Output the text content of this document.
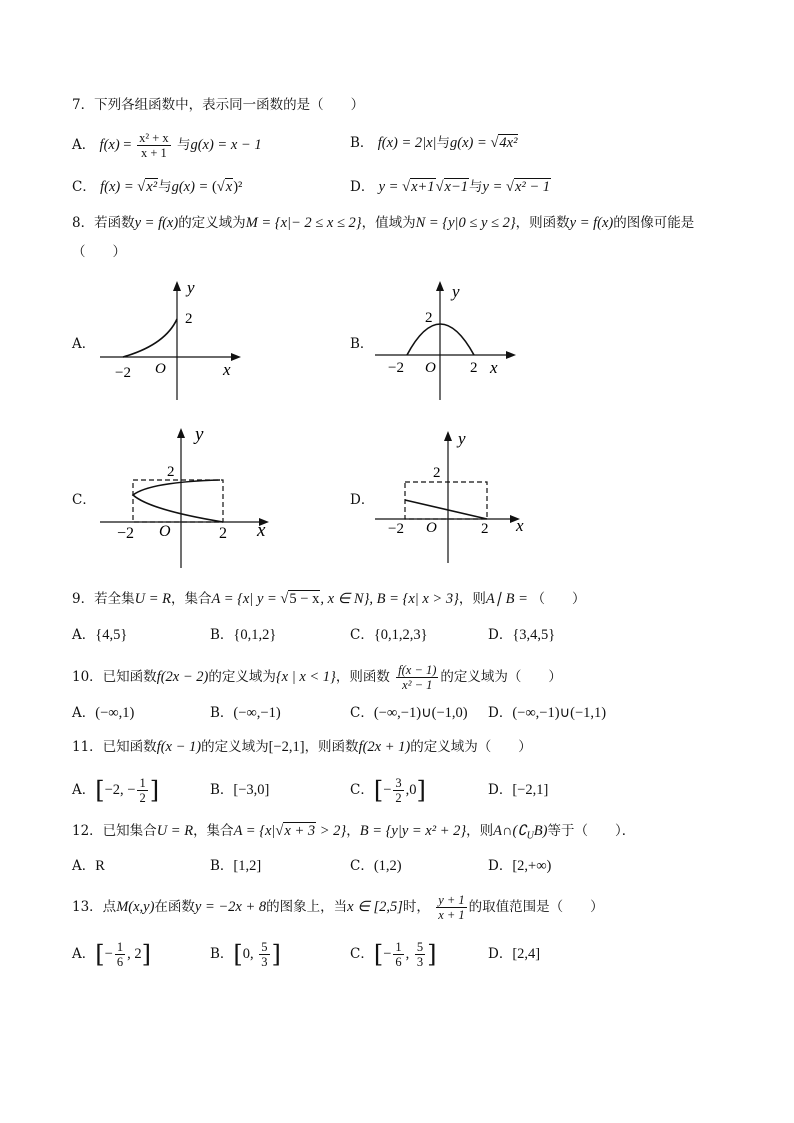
7．下列各组函数中，表示同一函数的是（　　）
A． $f(x) = \frac{\text{x² + x}}{x + 1}$ 与g(x) = x − 1	B． f(x) = 2|x|与g(x) = √4x²
C． f(x) = √x²与g(x) = (√x)²	D． y = √x+1√x−1与y = √x² − 1
8．若函数y = f(x)的定义域为M = {x|− 2 ≤ x ≤ 2}，值域为N = {y|0 ≤ y ≤ 2}，则函数y = f(x)的图像可能是
（　　）
A．
y
2
−2 O	x
B．
y
2
−2 O 2 x
C．
y
2
−2 O	2 x
D．
y
2
−2 O	2 x
9．若全集U = R，集合A = {x| y = √5 − x, x ∈ N}, B = {x| x > 3}，则A∣ B = （　　）
A．{4,5}	B．{0,1,2}	C．{0,1,2,3}	D．{3,4,5}
10．已知函数f(2x − 2)的定义域为{x | x < 1}，则函数 $\frac{f(x - 1)}{\text{x² − 1}}$ 的定义域为（　　）
A．(−∞,1)	B．(−∞,−1)	C．(−∞,−1)∪(−1,0) D．(−∞,−1)∪(−1,1)
11．已知函数f(x − 1)的定义域为[−2,1]，则函数f(2x + 1)的定义域为（　　）
A．[−2, − $\frac{1}{2}$ ]	B．[−3,0]	C．[− $\frac{3}{2} ,0$]	D．[−2,1]
12．已知集合U = R，集合A = {x|√x + 3 > 2}，B = {y|y = x² + 2}，则$A\cap(∁_UB)$等于（　　）．
A．R	B．[1,2]	C．(1,2)	D．[2,+∞)
13．点M(x,y)在函数y = −2x + 8的图象上，当x ∈ [2,5]时， $\frac{y + 1}{x + 1}$ 的取值范围是（　　）
A．[− $\frac{1}{6}$ , 2]	B．[0, $\frac{5}{3}$ ]	C．[− $\frac{1}{6}$ , $\frac{5}{3}$ ]	D．[2,4]
